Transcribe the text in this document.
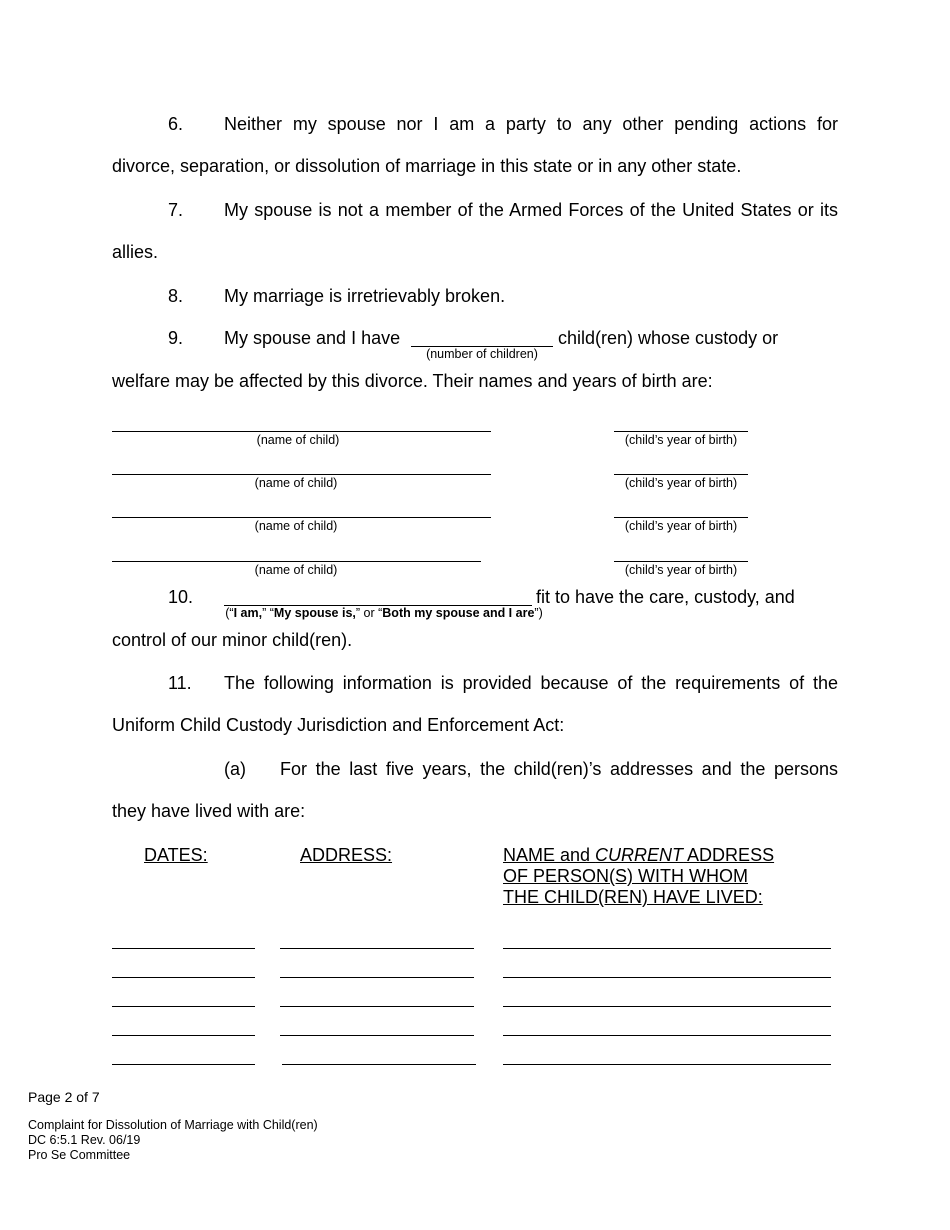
6. Neither my spouse nor I am a party to any other pending actions for
divorce, separation, or dissolution of marriage in this state or in any other state.
7. My spouse is not a member of the Armed Forces of the United States or its
allies.
8. My marriage is irretrievably broken.
9. My spouse and I have
(number of children)
child(ren) whose custody or
welfare may be affected by this divorce. Their names and years of birth are:
(name of child)	(child’s year of birth)
(name of child)	(child’s year of birth)
(name of child)	(child’s year of birth)
(name of child)	(child’s year of birth)
10.	fit to have the care, custody, and
(“I am,” “My spouse is,” or “Both my spouse and I are”)
control of our minor child(ren).
11. The following information is provided because of the requirements of the
Uniform Child Custody Jurisdiction and Enforcement Act:
(a) For the last five years, the child(ren)’s addresses and the persons
they have lived with are:
DATES:	ADDRESS:	NAME and CURRENT ADDRESS
OF PERSON(S) WITH WHOM
THE CHILD(REN) HAVE LIVED:
Page 2 of 7
Complaint for Dissolution of Marriage with Child(ren)
DC 6:5.1 Rev. 06/19
Pro Se Committee
